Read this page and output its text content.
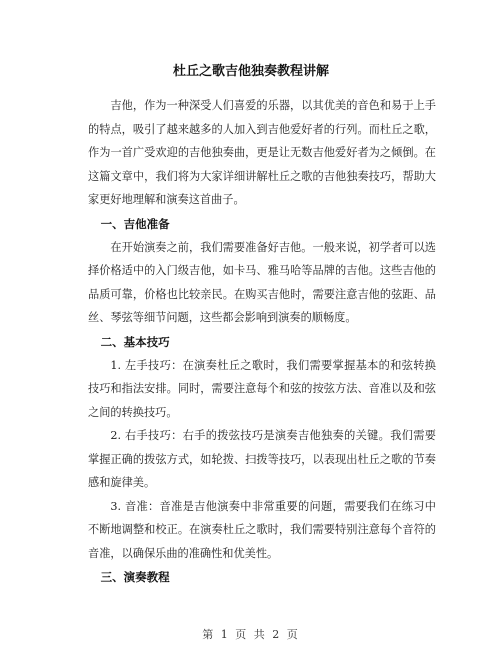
杜丘之歌吉他独奏教程讲解

吉他，作为一种深受人们喜爱的乐器，以其优美的音色和易于上手的特点，吸引了越来越多的人加入到吉他爱好者的行列。而杜丘之歌，作为一首广受欢迎的吉他独奏曲，更是让无数吉他爱好者为之倾倒。在这篇文章中，我们将为大家详细讲解杜丘之歌的吉他独奏技巧，帮助大家更好地理解和演奏这首曲子。

一、吉他准备

在开始演奏之前，我们需要准备好吉他。一般来说，初学者可以选择价格适中的入门级吉他，如卡马、雅马哈等品牌的吉他。这些吉他的品质可靠，价格也比较亲民。在购买吉他时，需要注意吉他的弦距、品丝、琴弦等细节问题，这些都会影响到演奏的顺畅度。

二、基本技巧

1. 左手技巧：在演奏杜丘之歌时，我们需要掌握基本的和弦转换技巧和指法安排。同时，需要注意每个和弦的按弦方法、音准以及和弦之间的转换技巧。

2. 右手技巧：右手的拨弦技巧是演奏吉他独奏的关键。我们需要掌握正确的拨弦方式，如轮拨、扫拨等技巧，以表现出杜丘之歌的节奏感和旋律美。

3. 音准：音准是吉他演奏中非常重要的问题，需要我们在练习中不断地调整和校正。在演奏杜丘之歌时，我们需要特别注意每个音符的音准，以确保乐曲的准确性和优美性。

三、演奏教程
第 1 页 共 2 页
